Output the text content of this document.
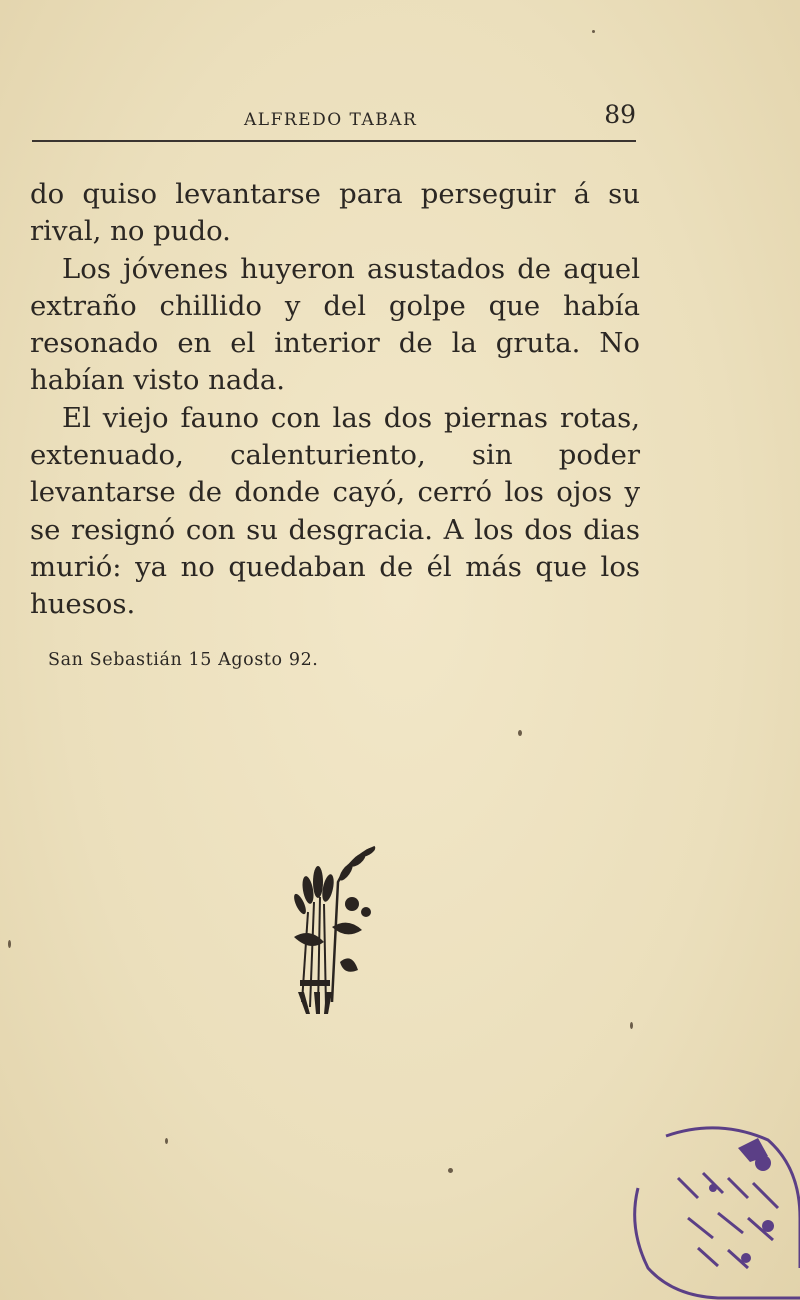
ALFREDO TABAR	89

do quiso levantarse para perseguir á su rival, no pudo.

Los jóvenes huyeron asustados de aquel extraño chillido y del golpe que había resonado en el interior de la gruta. No habían visto nada.

El viejo fauno con las dos piernas rotas, extenuado, calenturiento, sin poder levantarse de donde cayó, cerró los ojos y se resignó con su desgracia. A los dos dias murió: ya no quedaban de él más que los huesos.

San Sebastián 15 Agosto 92.
